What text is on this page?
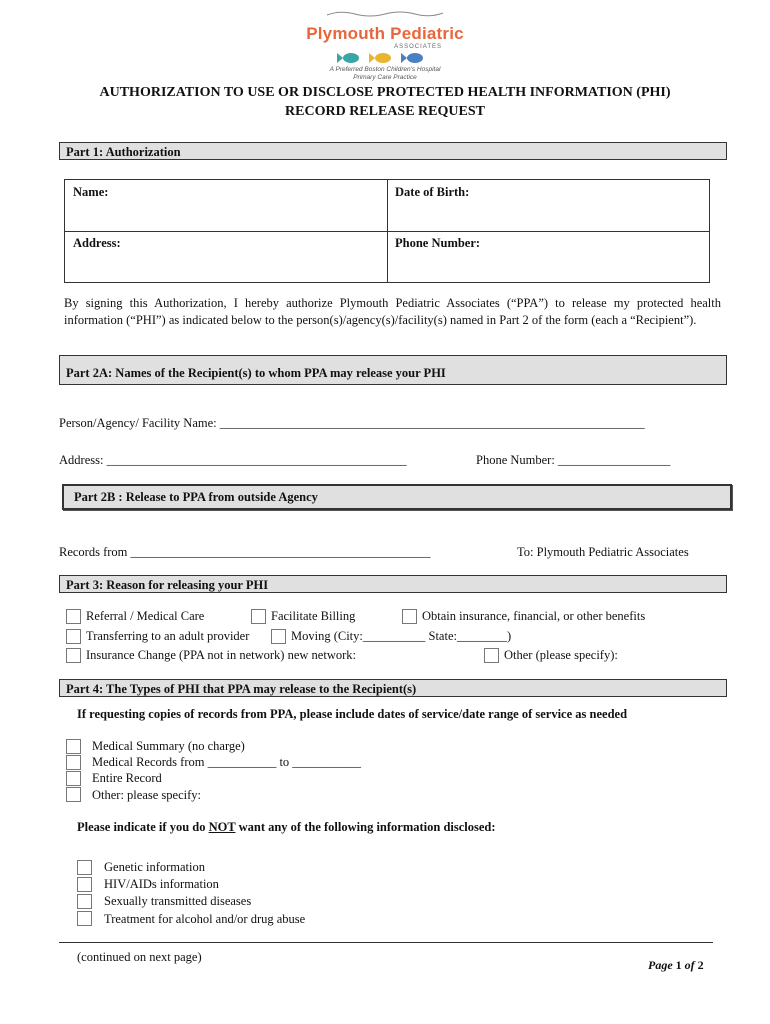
Plymouth Pediatric
ASSOCIATES
A Preferred Boston Children's Hospital
Primary Care Practice
AUTHORIZATION TO USE OR DISCLOSE PROTECTED HEALTH INFORMATION (PHI)
RECORD RELEASE REQUEST
Part 1: Authorization
Name:	Date of Birth:
Address:	Phone Number:
By signing this Authorization, I hereby authorize Plymouth Pediatric Associates (“PPA”) to release my protected health information (“PHI”) as indicated below to the person(s)/agency(s)/facility(s) named in Part 2 of the form (each a “Recipient”).
Part 2A: Names of the Recipient(s) to whom PPA may release your PHI
Person/Agency/ Facility Name: ____________________________________________________________________
Address: ________________________________________________	Phone Number: __________________
Part 2B : Release to PPA from outside Agency
Records from ________________________________________________	To: Plymouth Pediatric Associates
Part 3: Reason for releasing your PHI
Referral / Medical Care	Facilitate Billing	Obtain insurance, financial, or other benefits
Transferring to an adult provider	Moving (City:__________ State:________)
Insurance Change (PPA not in network) new network:	Other (please specify):
Part 4: The Types of PHI that PPA may release to the Recipient(s)
If requesting copies of records from PPA, please include dates of service/date range of service as needed
Medical Summary (no charge)
Medical Records from ___________ to ___________
Entire Record
Other: please specify:
Please indicate if you do NOT want any of the following information disclosed:
Genetic information
HIV/AIDs information
Sexually transmitted diseases
Treatment for alcohol and/or drug abuse
(continued on next page)
Page 1 of 2
